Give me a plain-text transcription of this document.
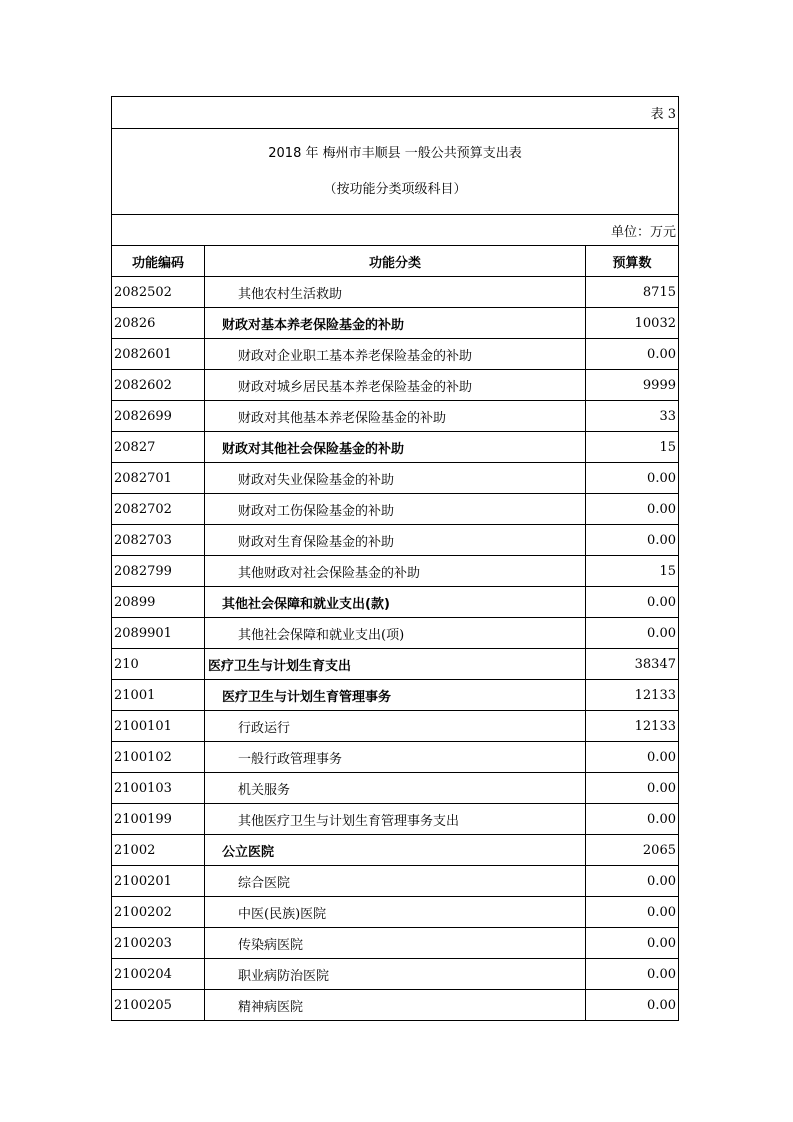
表 3		

2018 年 梅州市丰顺县 一般公共预算支出表
（按功能分类项级科目）		

单位：万元		
功能编码	功能分类	预算数
2082502	其他农村生活救助	8715
20826	财政对基本养老保险基金的补助	10032
2082601	财政对企业职工基本养老保险基金的补助	0.00
2082602	财政对城乡居民基本养老保险基金的补助	9999
2082699	财政对其他基本养老保险基金的补助	33
20827	财政对其他社会保险基金的补助	15
2082701	财政对失业保险基金的补助	0.00
2082702	财政对工伤保险基金的补助	0.00
2082703	财政对生育保险基金的补助	0.00
2082799	其他财政对社会保险基金的补助	15
20899	其他社会保障和就业支出(款)	0.00
2089901	其他社会保障和就业支出(项)	0.00
210	医疗卫生与计划生育支出	38347
21001	医疗卫生与计划生育管理事务	12133
2100101	行政运行	12133
2100102	一般行政管理事务	0.00
2100103	机关服务	0.00
2100199	其他医疗卫生与计划生育管理事务支出	0.00
21002	公立医院	2065
2100201	综合医院	0.00
2100202	中医(民族)医院	0.00
2100203	传染病医院	0.00
2100204	职业病防治医院	0.00
2100205	精神病医院	0.00
